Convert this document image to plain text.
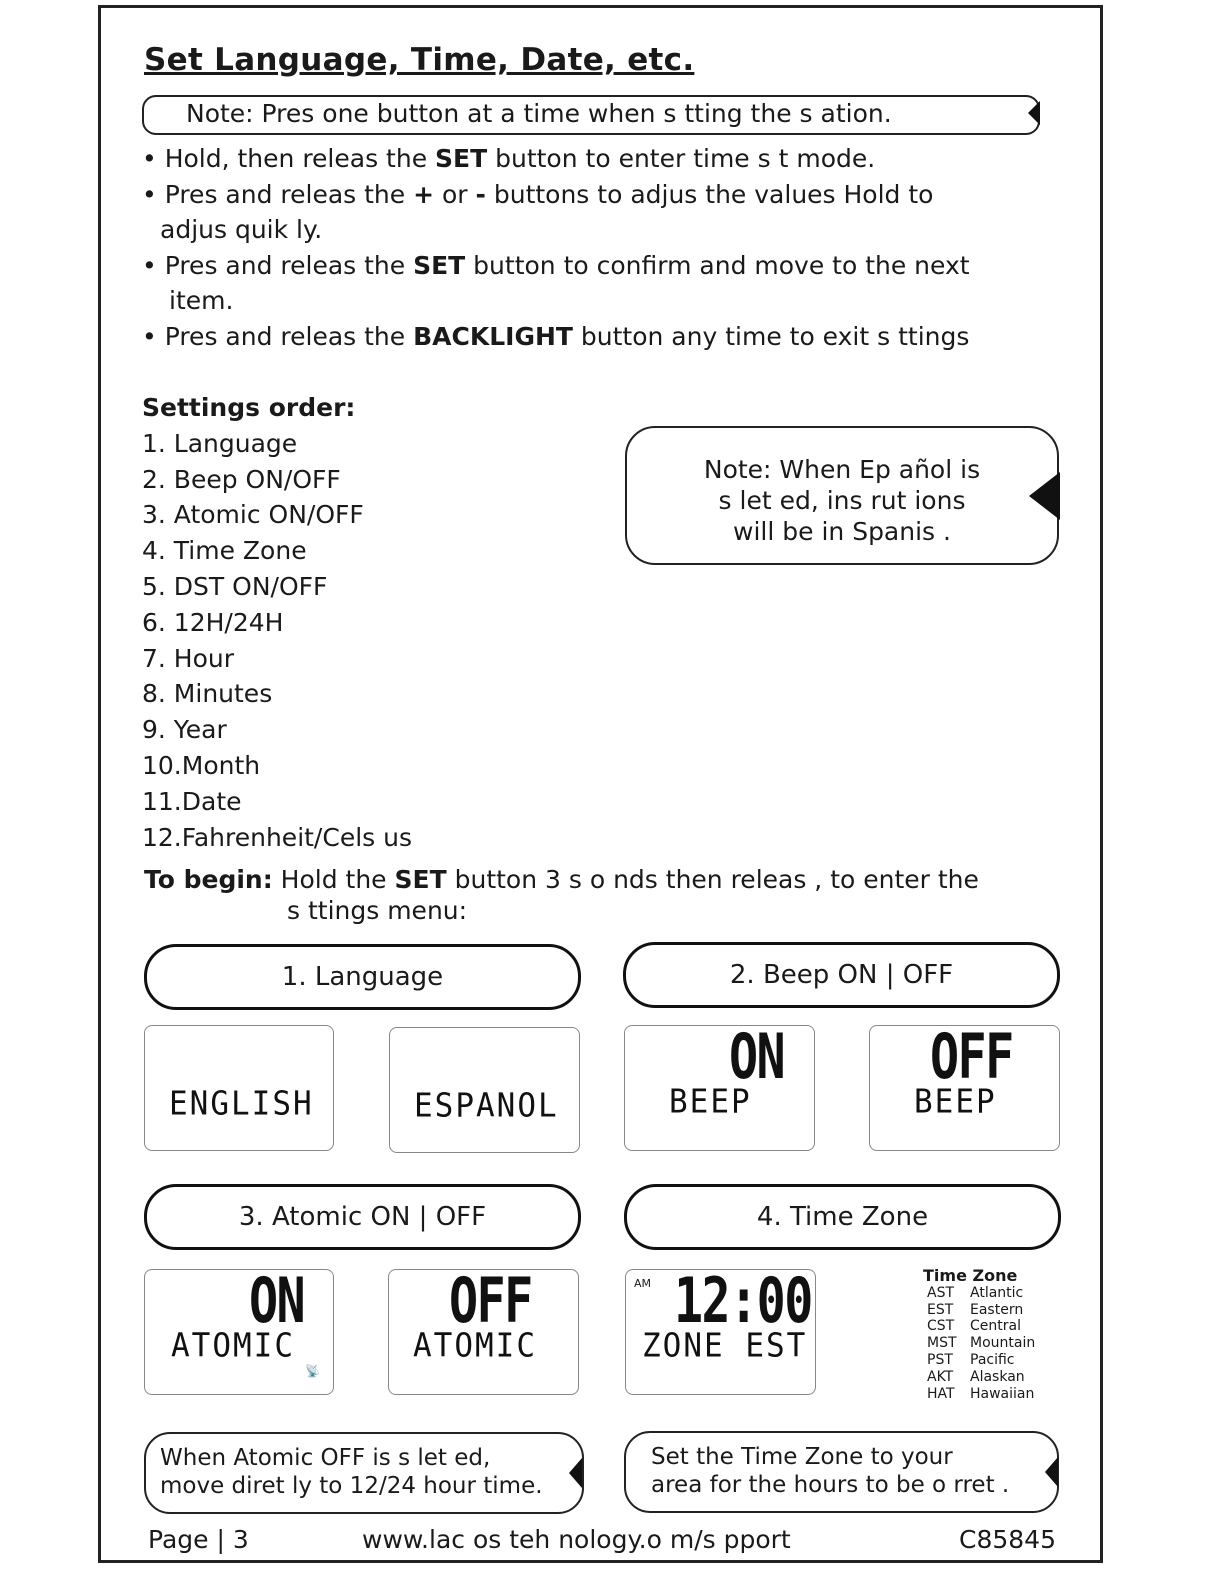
Set Language, Time, Date, etc.
Note: Pres one button at a time when s tting the s ation.
• Hold, then releas the SET button to enter time s t mode.
• Pres and releas the + or - buttons to adjus the values Hold to
adjus quik ly.
• Pres and releas the SET button to confirm and move to the next
item.
• Pres and releas the BACKLIGHT button any time to exit s ttings
Settings order:
1. Language
2. Beep ON/OFF
3. Atomic ON/OFF
4. Time Zone
5. DST ON/OFF
6. 12H/24H
7. Hour
8. Minutes
9. Year
10.Month
11.Date
12.Fahrenheit/Cels us
Note: When Ep añol is
s let ed, ins rut ions
will be in Spanis .
To begin: Hold the SET button 3 s o nds then releas , to enter the
s ttings menu:
1. Language
ENGLISH	ESPANOL
2. Beep ON | OFF
ON
BEEP
OFF
BEEP
3. Atomic ON | OFF
ON
ATOMIC
📡
OFF
ATOMIC
4. Time Zone
AM 12:00
ZONE EST
Time Zone
AST Atlantic
EST Eastern
CST Central
MST Mountain
PST Pacific
AKT Alaskan
HAT Hawaiian
When Atomic OFF is s let ed,
move diret ly to 12/24 hour time.
Set the Time Zone to your
area for the hours to be o rret .
Page | 3	www.lac os teh nology.o m/s pport	C85845
